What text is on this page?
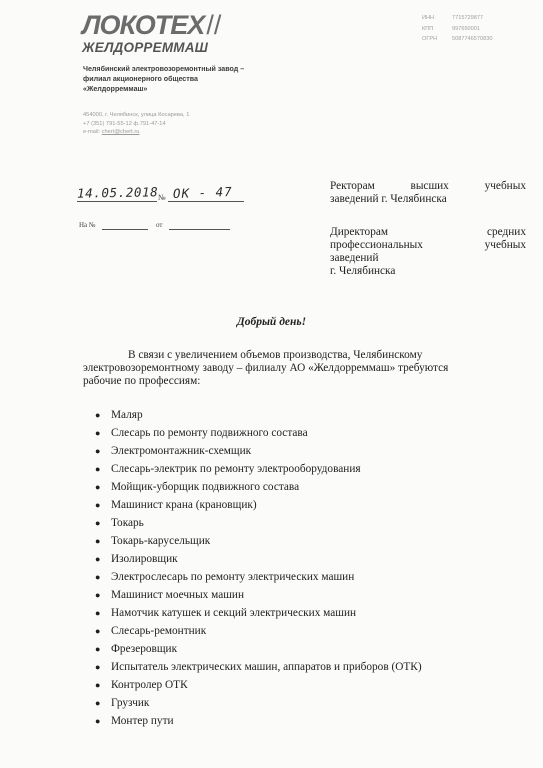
ЛОКОТЕХ//
ЖЕЛДОРРЕММАШ
ИНН	7715729877
КПП	997650001
ОГРН	5087746570830
Челябинский электровозоремонтный завод –
филиал акционерного общества
«Желдорреммаш»
454000, г. Челябинск, улица Косарева, 1
+7 (351) 791-55-12 ф.791-47-14
e-mail: chert@chert.ru
14.05.2018 № ОК - 47
На №	от
Ректорам	высших	учебных
заведений г. Челябинска
Директорам	средних
профессиональных	учебных
заведений
г. Челябинска
Добрый день!
В связи с увеличением объемов производства, Челябинскому
электровозоремонтному заводу – филиалу АО «Желдорреммаш» требуются
рабочие по профессиям:
● Маляр
● Слесарь по ремонту подвижного состава
● Электромонтажник-схемщик
● Слесарь-электрик по ремонту электрооборудования
● Мойщик-уборщик подвижного состава
● Машинист крана (крановщик)
● Токарь
● Токарь-карусельщик
● Изолировщик
● Электрослесарь по ремонту электрических машин
● Машинист моечных машин
● Намотчик катушек и секций электрических машин
● Слесарь-ремонтник
● Фрезеровщик
● Испытатель электрических машин, аппаратов и приборов (ОТК)
● Контролер ОТК
● Грузчик
● Монтер пути
